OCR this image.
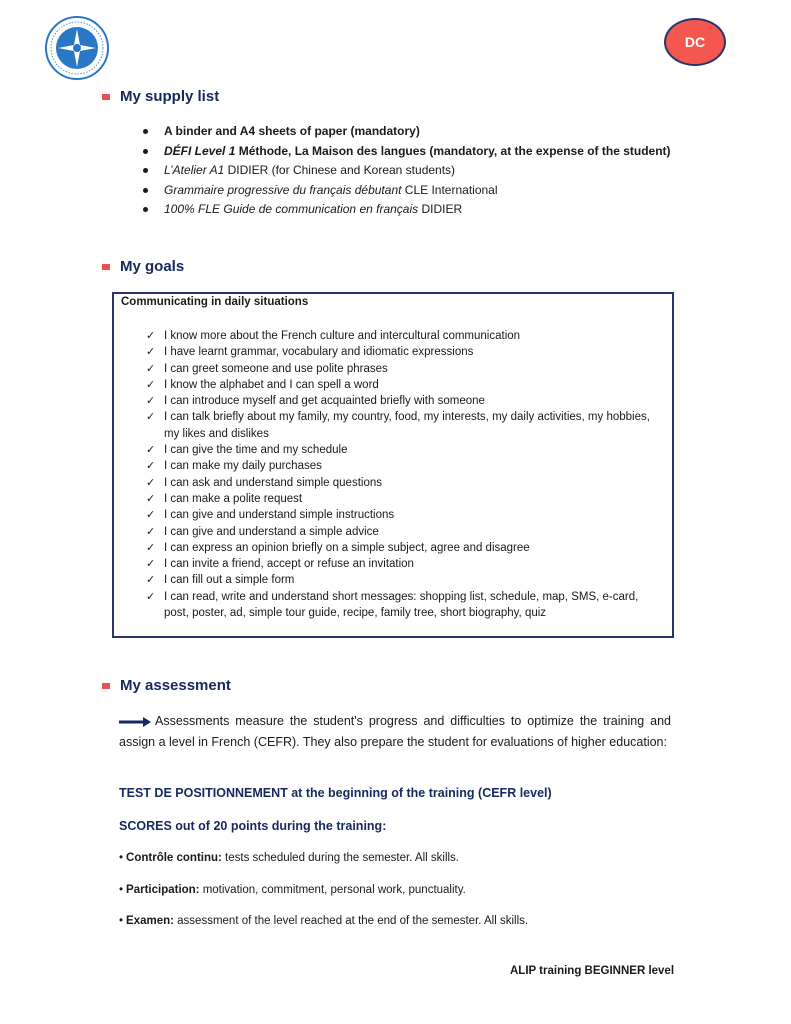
DC
My supply list
A binder and A4 sheets of paper (mandatory)
DÉFI Level 1 Méthode, La Maison des langues (mandatory, at the expense of the student)
L’Atelier A1 DIDIER (for Chinese and Korean students)
Grammaire progressive du français débutant CLE International
100% FLE Guide de communication en français DIDIER
My goals
Communicating in daily situations
✓ I know more about the French culture and intercultural communication
✓ I have learnt grammar, vocabulary and idiomatic expressions
✓ I can greet someone and use polite phrases
✓ I know the alphabet and I can spell a word
✓ I can introduce myself and get acquainted briefly with someone
✓ I can talk briefly about my family, my country, food, my interests, my daily activities, my hobbies, my likes and dislikes
✓ I can give the time and my schedule
✓ I can make my daily purchases
✓ I can ask and understand simple questions
✓ I can make a polite request
✓ I can give and understand simple instructions
✓ I can give and understand a simple advice
✓ I can express an opinion briefly on a simple subject, agree and disagree
✓ I can invite a friend, accept or refuse an invitation
✓ I can fill out a simple form
✓ I can read, write and understand short messages: shopping list, schedule, map, SMS, e-card, post, poster, ad, simple tour guide, recipe, family tree, short biography, quiz
My assessment
Assessments measure the student's progress and difficulties to optimize the training and assign a level in French (CEFR). They also prepare the student for evaluations of higher education:
TEST DE POSITIONNEMENT at the beginning of the training (CEFR level)
SCORES out of 20 points during the training:
• Contrôle continu: tests scheduled during the semester. All skills.
• Participation: motivation, commitment, personal work, punctuality.
• Examen: assessment of the level reached at the end of the semester. All skills.
ALIP training BEGINNER level
